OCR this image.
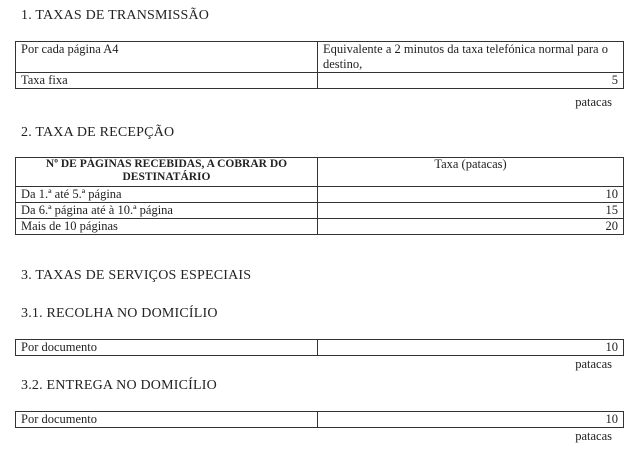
1. TAXAS DE TRANSMISSÃO
Por cada página A4	Equivalente a 2 minutos da taxa telefónica normal para o destino,
Taxa fixa	5
patacas
2. TAXA DE RECEPÇÃO
Nº DE PÁGINAS RECEBIDAS, A COBRAR DO DESTINATÁRIO	Taxa (patacas)
Da 1.ª até 5.ª página	10
Da 6.ª página até à 10.ª página	15
Mais de 10 páginas	20
3. TAXAS DE SERVIÇOS ESPECIAIS
3.1. RECOLHA NO DOMICÍLIO
Por documento	10
patacas
3.2. ENTREGA NO DOMICÍLIO
Por documento	10
patacas
